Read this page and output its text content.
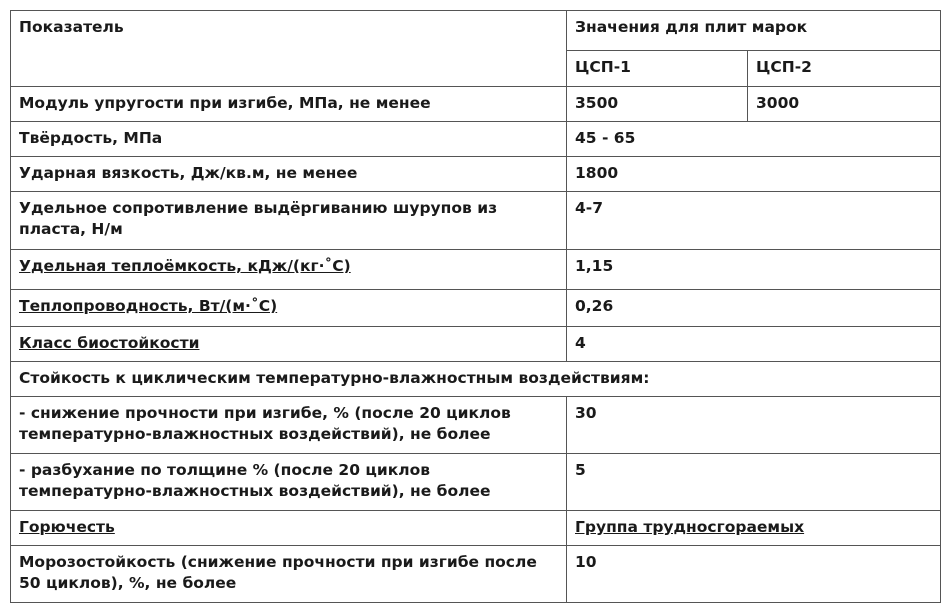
Показатель	Значения для плит марок	
	ЦСП-1	ЦСП-2
Модуль упругости при изгибе, МПа, не менее	3500	3000
Твёрдость, МПа	45 - 65	
Ударная вязкость, Дж/кв.м, не менее	1800	
Удельное сопротивление выдёргиванию шурупов из пласта, Н/м	4-7	
Удельная теплоёмкость, кДж/(кг·˚С)	1,15	
Теплопроводность, Вт/(м·˚С)	0,26	
Класс биостойкости	4	
Стойкость к циклическим температурно-влажностным воздействиям:		
- снижение прочности при изгибе, % (после 20 циклов температурно-влажностных воздействий), не более	30	
- разбухание по толщине % (после 20 циклов температурно-влажностных воздействий), не более	5	
Горючесть	Группа трудносгораемых	
Морозостойкость (снижение прочности при изгибе после 50 циклов), %, не более	10	
